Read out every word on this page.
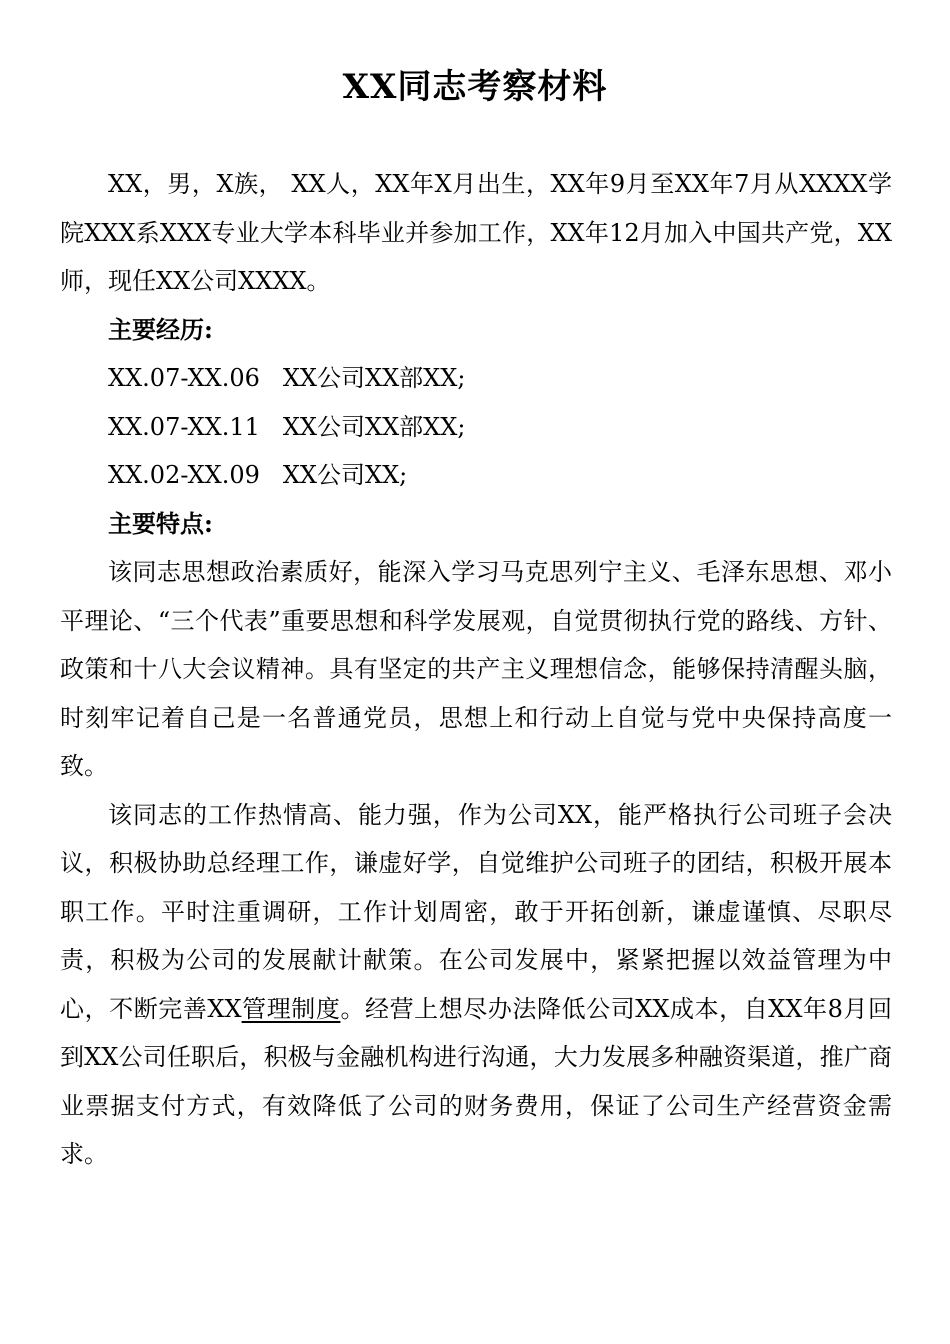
XX同志考察材料

XX，男，X族， XX人，XX年X月出生，XX年9月至XX年7月从XXXX学院XXX系XXX专业大学本科毕业并参加工作，XX年12月加入中国共产党，XX师，现任XX公司XXXX。

主要经历:

XX.07-XX.06 XX公司XX部XX;

XX.07-XX.11 XX公司XX部XX;

XX.02-XX.09 XX公司XX;

主要特点:

该同志思想政治素质好，能深入学习马克思列宁主义、毛泽东思想、邓小平理论、“三个代表”重要思想和科学发展观，自觉贯彻执行党的路线、方针、政策和十八大会议精神。具有坚定的共产主义理想信念，能够保持清醒头脑，时刻牢记着自己是一名普通党员，思想上和行动上自觉与党中央保持高度一致。

该同志的工作热情高、能力强，作为公司XX，能严格执行公司班子会决议，积极协助总经理工作，谦虚好学，自觉维护公司班子的团结，积极开展本职工作。平时注重调研，工作计划周密，敢于开拓创新，谦虚谨慎、尽职尽责，积极为公司的发展献计献策。在公司发展中，紧紧把握以效益管理为中心，不断完善XX管理制度。经营上想尽办法降低公司XX成本，自XX年8月回到XX公司任职后，积极与金融机构进行沟通，大力发展多种融资渠道，推广商业票据支付方式，有效降低了公司的财务费用，保证了公司生产经营资金需求。
